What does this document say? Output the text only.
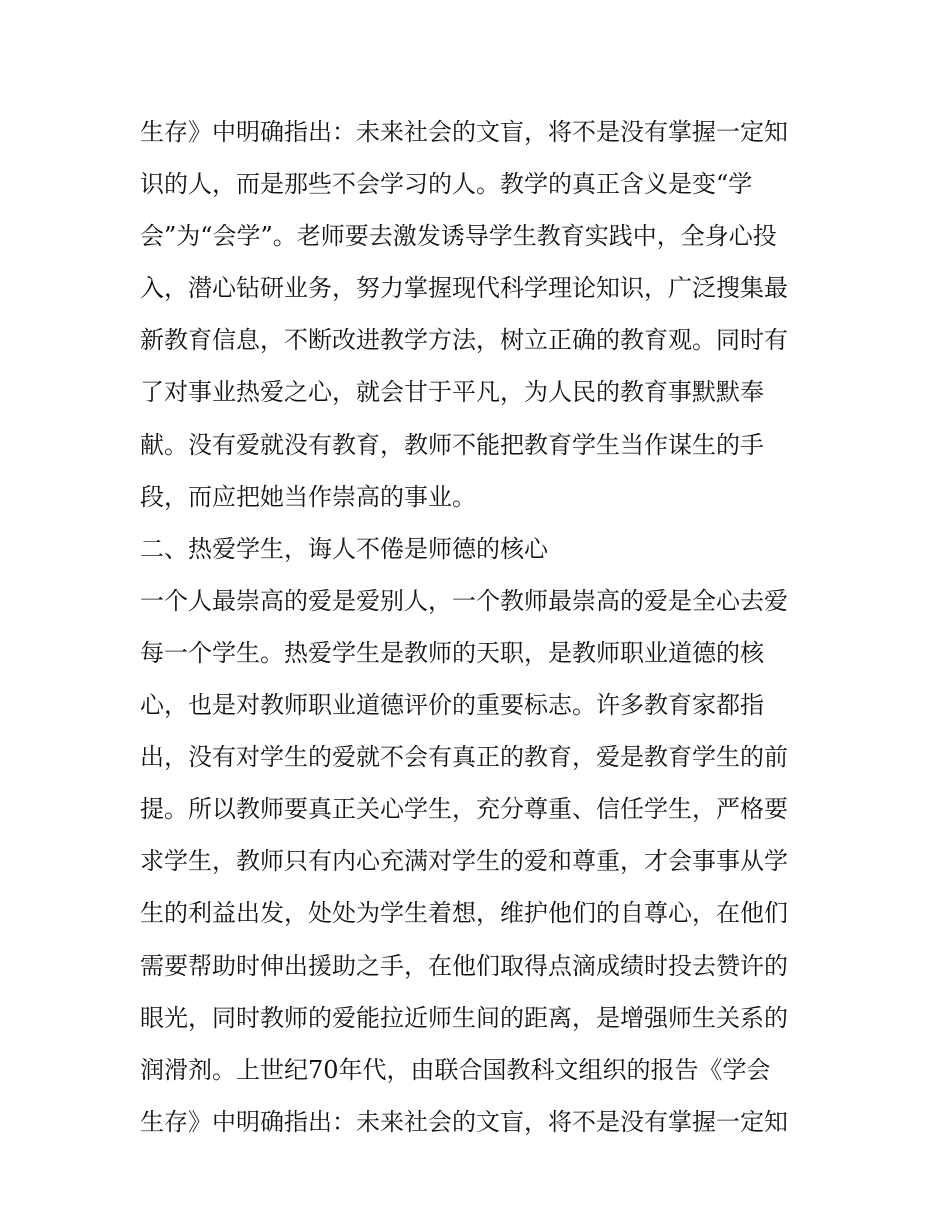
生存》中明确指出：未来社会的文盲，将不是没有掌握一定知
识的人，而是那些不会学习的人。教学的真正含义是变“学
会”为“会学”。老师要去激发诱导学生教育实践中，全身心投
入，潜心钻研业务，努力掌握现代科学理论知识，广泛搜集最
新教育信息，不断改进教学方法，树立正确的教育观。同时有
了对事业热爱之心，就会甘于平凡，为人民的教育事默默奉
献。没有爱就没有教育，教师不能把教育学生当作谋生的手
段，而应把她当作崇高的事业。
二、热爱学生，诲人不倦是师德的核心
一个人最崇高的爱是爱别人，一个教师最崇高的爱是全心去爱
每一个学生。热爱学生是教师的天职，是教师职业道德的核
心，也是对教师职业道德评价的重要标志。许多教育家都指
出，没有对学生的爱就不会有真正的教育，爱是教育学生的前
提。所以教师要真正关心学生，充分尊重、信任学生，严格要
求学生，教师只有内心充满对学生的爱和尊重，才会事事从学
生的利益出发，处处为学生着想，维护他们的自尊心，在他们
需要帮助时伸出援助之手，在他们取得点滴成绩时投去赞许的
眼光，同时教师的爱能拉近师生间的距离，是增强师生关系的
润滑剂。上世纪70年代，由联合国教科文组织的报告《学会
生存》中明确指出：未来社会的文盲，将不是没有掌握一定知
